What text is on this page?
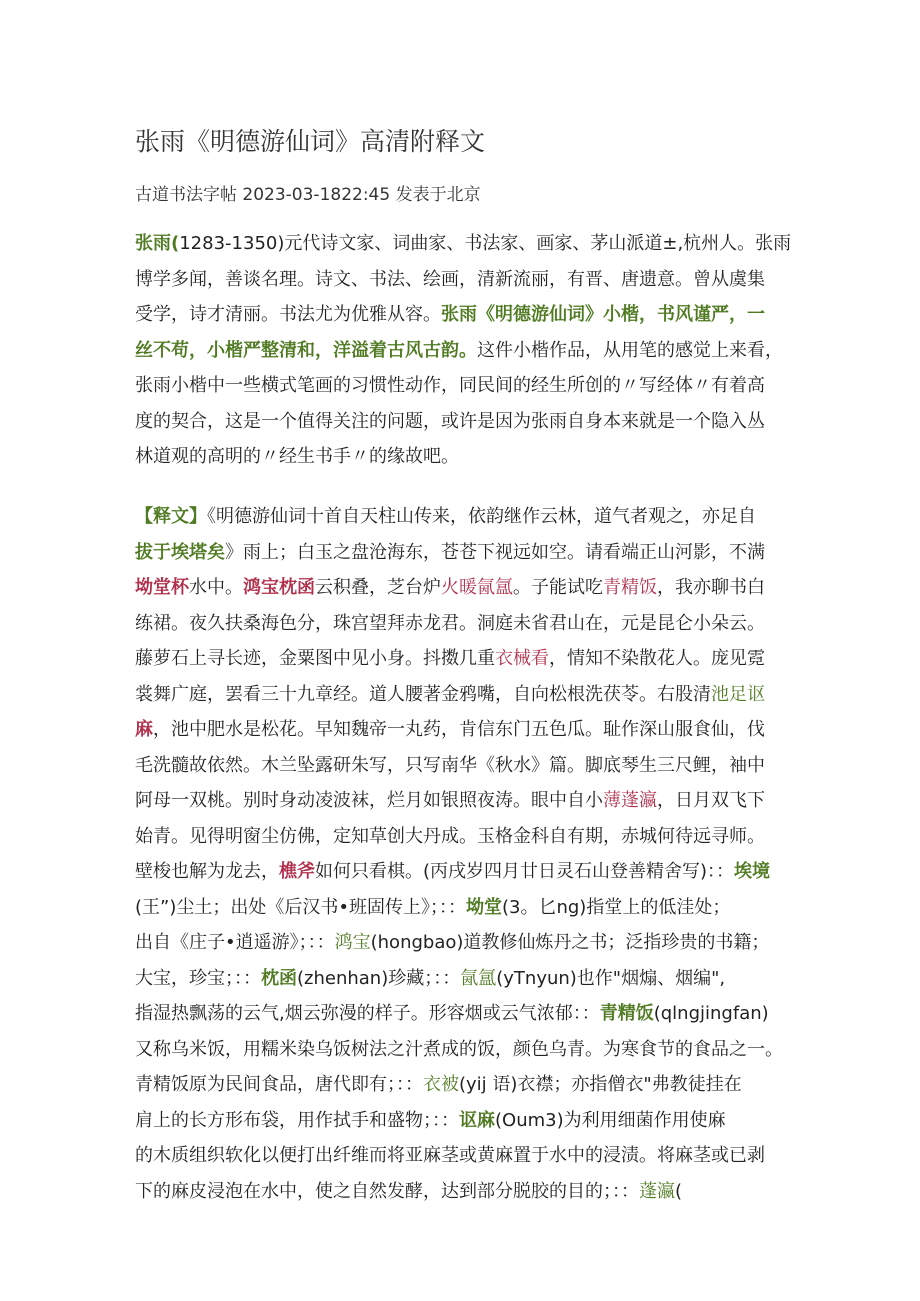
张雨《明德游仙词》高清附释文
古道书法字帖 2023-03-1822:45 发表于北京
张雨(1283-1350)元代诗文家、词曲家、书法家、画家、茅山派道±,杭州人。张雨
博学多闻，善谈名理。诗文、书法、绘画，清新流丽，有晋、唐遗意。曾从虞集
受学，诗才清丽。书法尤为优雅从容。张雨《明德游仙词》小楷，书风谨严，一
丝不苟，小楷严整清和，洋溢着古风古韵。这件小楷作品，从用笔的感觉上来看，
张雨小楷中一些横式笔画的习惯性动作，同民间的经生所创的〃写经体〃有着高
度的契合，这是一个值得关注的问题，或许是因为张雨自身本来就是一个隐入丛
林道观的高明的〃经生书手〃的缘故吧。
【释文】《明德游仙词十首自天柱山传来，依韵继作云林，道气者观之，亦足自
拔于埃塔矣》雨上；白玉之盘沧海东，苍苍下视远如空。请看端正山河影，不满
坳堂杯水中。鸿宝枕函云积叠，芝台炉火暖氤氲。子能试吃青精饭，我亦聊书白
练裙。夜久扶桑海色分，珠宫望拜赤龙君。洞庭未省君山在，元是昆仑小朵云。
藤萝石上寻长迹，金粟图中见小身。抖擞几重衣械看，情知不染散花人。庞见霓
裳舞广庭，罢看三十九章经。道人腰著金鸦嘴，自向松根洗茯苓。右股清池足讴
麻，池中肥水是松花。早知魏帝一丸药，肯信东门五色瓜。耻作深山服食仙，伐
毛洗髓故依然。木兰坠露研朱写，只写南华《秋水》篇。脚底琴生三尺鲤，袖中
阿母一双桃。别时身动凌波袜，烂月如银照夜涛。眼中自小薄蓬瀛，日月双飞下
始青。见得明窗尘仿佛，定知草创大丹成。玉格金科自有期，赤城何待远寻师。
壁梭也解为龙去，樵斧如何只看棋。(丙戌岁四月廿日灵石山登善精舍写)：：埃境
(王”)尘土；出处《后汉书•班固传上》；：：坳堂(3。匕ng)指堂上的低洼处；
出自《庄子•逍遥游》；：：鸿宝(hongbao)道教修仙炼丹之书；泛指珍贵的书籍；
大宝，珍宝；：：枕函(zhenhan)珍藏；：：氤氲(yTnyun)也作"烟煽、烟编",
指湿热飘荡的云气,烟云弥漫的样子。形容烟或云气浓郁：：青精饭(qlngjingfan)
又称乌米饭，用糯米染乌饭树法之汁煮成的饭，颜色乌青。为寒食节的食品之一。
青精饭原为民间食品，唐代即有；：：衣被(yij 语)衣襟；亦指僧衣"弗教徒挂在
肩上的长方形布袋，用作拭手和盛物；：：讴麻(Oum3)为利用细菌作用使麻
的木质组织软化以便打出纤维而将亚麻茎或黄麻置于水中的浸渍。将麻茎或已剥
下的麻皮浸泡在水中，使之自然发酵，达到部分脱胶的目的；：：蓬瀛(
